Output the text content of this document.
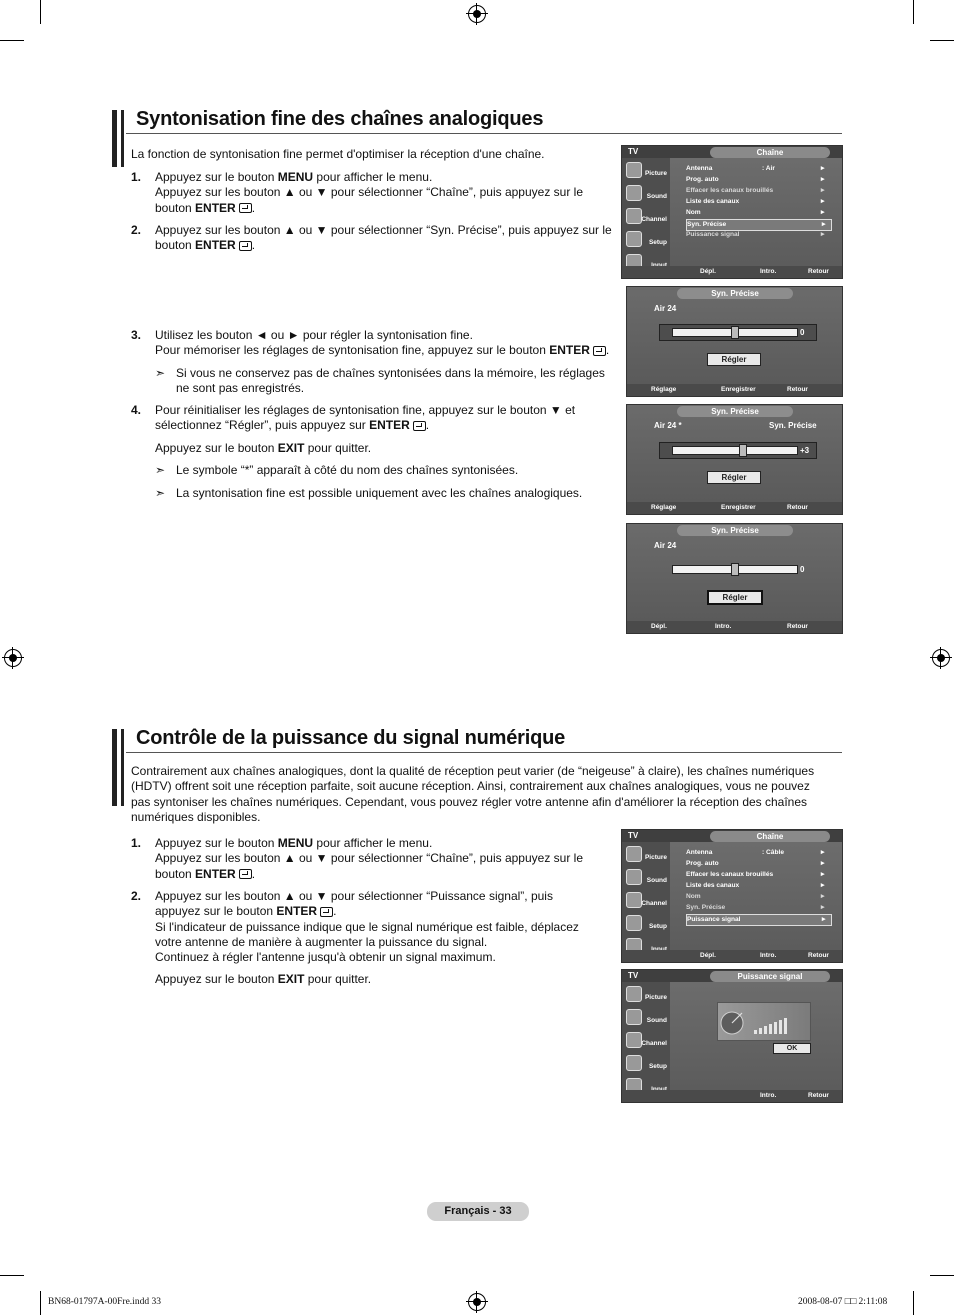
Syntonisation fine des chaînes analogiques
La fonction de syntonisation fine permet d'optimiser la réception d'une chaîne.
1. Appuyez sur le bouton MENU pour afficher le menu.
Appuyez sur les bouton ▲ ou ▼ pour sélectionner “Chaîne”, puis appuyez sur le
bouton ENTER .
2. Appuyez sur les bouton ▲ ou ▼ pour sélectionner “Syn. Précise”, puis appuyez sur le
bouton ENTER .
3. Utilisez les bouton ◄ ou ► pour régler la syntonisation fine.
Pour mémoriser les réglages de syntonisation fine, appuyez sur le bouton ENTER .
➣ Si vous ne conservez pas de chaînes syntonisées dans la mémoire, les réglages
ne sont pas enregistrés.
4. Pour réinitialiser les réglages de syntonisation fine, appuyez sur le bouton ▼ et
sélectionnez “Régler”, puis appuyez sur ENTER .
Appuyez sur le bouton EXIT pour quitter.
➣ Le symbole “*” apparaît à côté du nom des chaînes syntonisées.
➣ La syntonisation fine est possible uniquement avec les chaînes analogiques.
TV	Chaîne
Picture
Sound
Channel
Setup
Antenna	: Air	►
Prog. auto	►
Effacer les canaux brouillés	►
Liste des canaux	►
Nom	►
Syn. Précise	►
Puissance signal	►
Dépl.	Intro.	Retour
Syn. Précise
Air 24
0
Régler
Réglage	Enregistrer	Retour
Syn. Précise
Air 24 *	Syn. Précise
+3
Régler
Réglage	Enregistrer	Retour
Syn. Précise
Air 24
0
Régler
Dépl.	Intro.	Retour
Contrôle de la puissance du signal numérique
Contrairement aux chaînes analogiques, dont la qualité de réception peut varier (de “neigeuse” à claire), les chaînes numériques
(HDTV) offrent soit une réception parfaite, soit aucune réception. Ainsi, contrairement aux chaînes analogiques, vous ne pouvez
pas syntoniser les chaînes numériques. Cependant, vous pouvez régler votre antenne afin d'améliorer la réception des chaînes
numériques disponibles.
1. Appuyez sur le bouton MENU pour afficher le menu.
Appuyez sur les bouton ▲ ou ▼ pour sélectionner “Chaîne”, puis appuyez sur le
bouton ENTER .
2. Appuyez sur les bouton ▲ ou ▼ pour sélectionner “Puissance signal”, puis
appuyez sur le bouton ENTER .
Si l'indicateur de puissance indique que le signal numérique est faible, déplacez
votre antenne de manière à augmenter la puissance du signal.
Continuez à régler l'antenne jusqu'à obtenir un signal maximum.
Appuyez sur le bouton EXIT pour quitter.
TV	Chaîne
Picture
Sound
Channel
Setup
Antenna	: Câble	►
Prog. auto	►
Effacer les canaux brouillés	►
Liste des canaux	►
Nom	►
Syn. Précise	►
Puissance signal	►
Dépl.	Intro.	Retour
TV	Puissance signal
Picture
Sound
Channel
Setup
OK
Intro.	Retour
Français - 33
BN68-01797A-00Fre.indd 33	2008-08-07 □□ 2:11:08
